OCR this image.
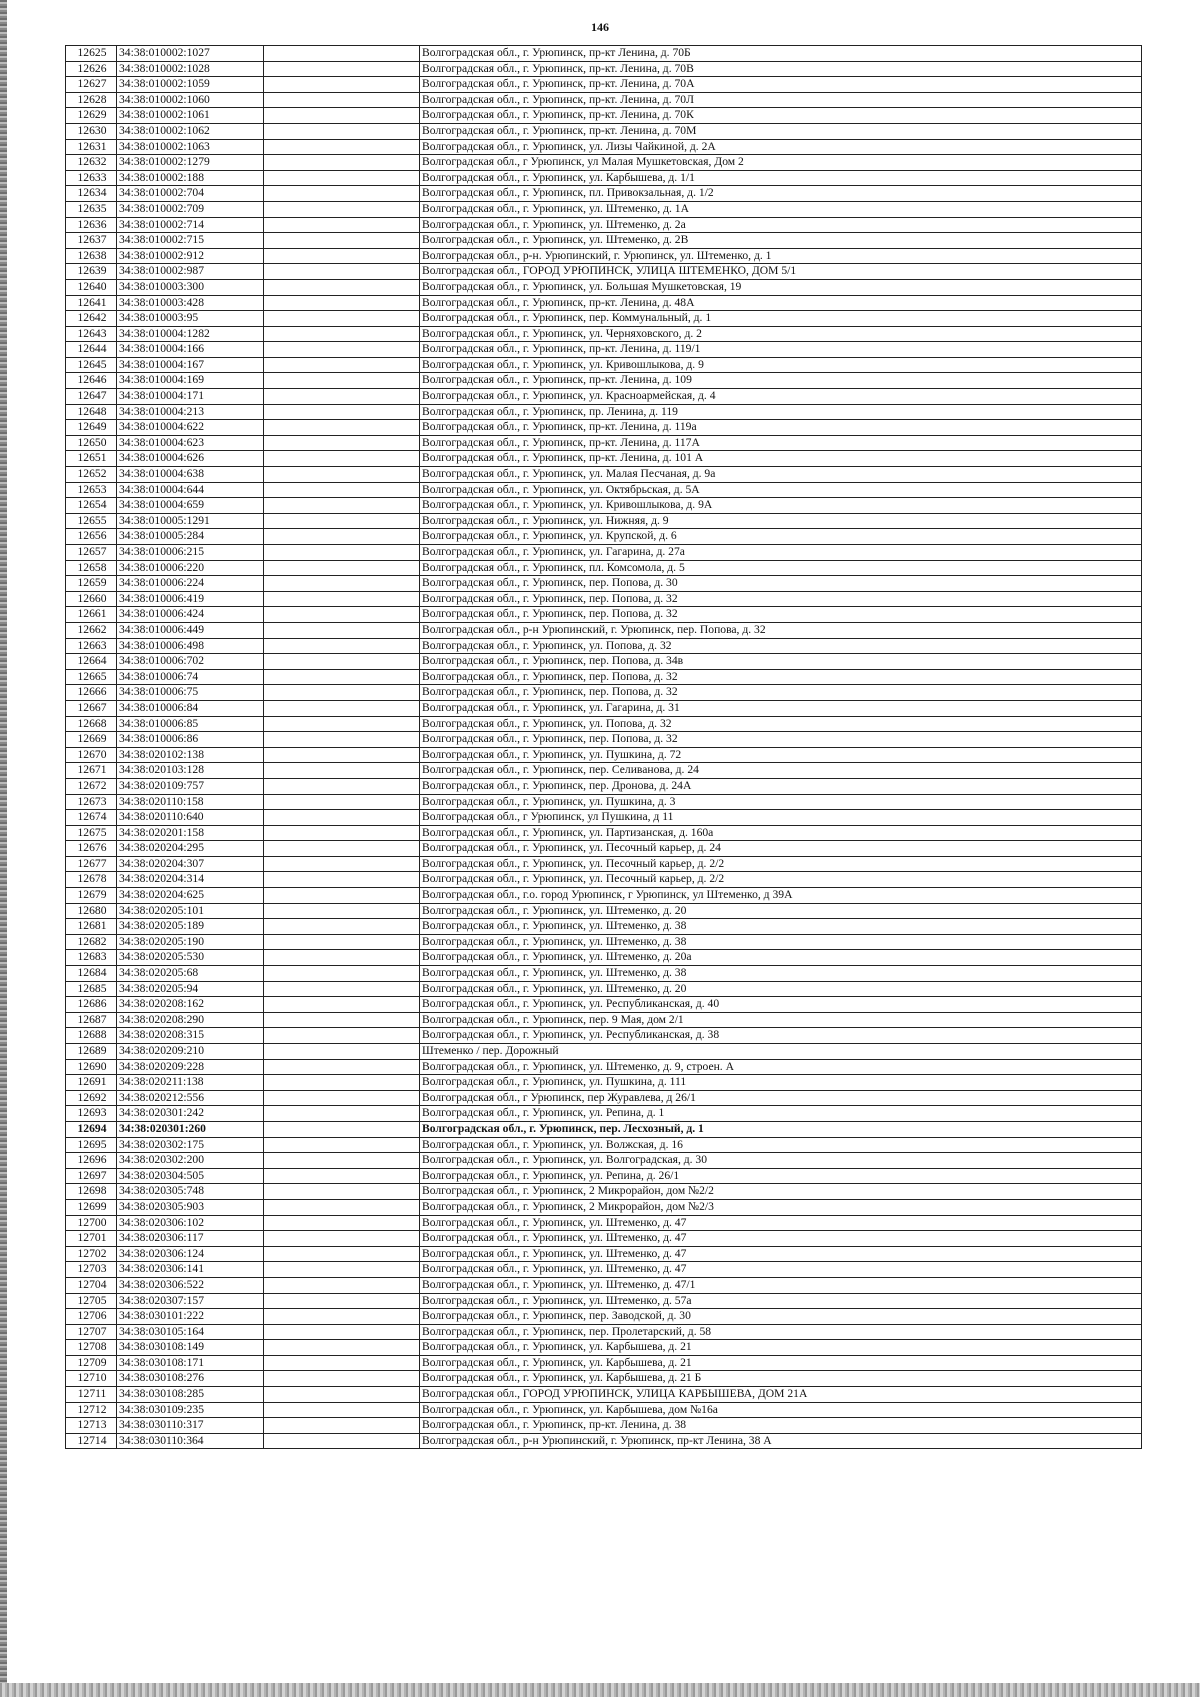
146
12625	34:38:010002:1027		Волгоградская обл., г. Урюпинск, пр-кт Ленина, д. 70Б
12626	34:38:010002:1028		Волгоградская обл., г. Урюпинск, пр-кт. Ленина, д. 70В
12627	34:38:010002:1059		Волгоградская обл., г. Урюпинск, пр-кт. Ленина, д. 70А
12628	34:38:010002:1060		Волгоградская обл., г. Урюпинск, пр-кт. Ленина, д. 70Л
12629	34:38:010002:1061		Волгоградская обл., г. Урюпинск, пр-кт. Ленина, д. 70К
12630	34:38:010002:1062		Волгоградская обл., г. Урюпинск, пр-кт. Ленина, д. 70М
12631	34:38:010002:1063		Волгоградская обл., г. Урюпинск, ул. Лизы Чайкиной, д. 2А
12632	34:38:010002:1279		Волгоградская обл., г Урюпинск, ул Малая Мушкетовская, Дом 2
12633	34:38:010002:188		Волгоградская обл., г. Урюпинск, ул. Карбышева, д. 1/1
12634	34:38:010002:704		Волгоградская обл., г. Урюпинск, пл. Привокзальная, д. 1/2
12635	34:38:010002:709		Волгоградская обл., г. Урюпинск, ул. Штеменко, д. 1А
12636	34:38:010002:714		Волгоградская обл., г. Урюпинск, ул. Штеменко, д. 2а
12637	34:38:010002:715		Волгоградская обл., г. Урюпинск, ул. Штеменко, д. 2В
12638	34:38:010002:912		Волгоградская обл., р-н. Урюпинский, г. Урюпинск, ул. Штеменко, д. 1
12639	34:38:010002:987		Волгоградская обл., ГОРОД УРЮПИНСК, УЛИЦА ШТЕМЕНКО, ДОМ 5/1
12640	34:38:010003:300		Волгоградская обл., г. Урюпинск, ул. Большая Мушкетовская, 19
12641	34:38:010003:428		Волгоградская обл., г. Урюпинск, пр-кт. Ленина, д. 48А
12642	34:38:010003:95		Волгоградская обл., г. Урюпинск, пер. Коммунальный, д. 1
12643	34:38:010004:1282		Волгоградская обл., г. Урюпинск, ул. Черняховского, д. 2
12644	34:38:010004:166		Волгоградская обл., г. Урюпинск, пр-кт. Ленина, д. 119/1
12645	34:38:010004:167		Волгоградская обл., г. Урюпинск, ул. Кривошлыкова, д. 9
12646	34:38:010004:169		Волгоградская обл., г. Урюпинск, пр-кт. Ленина, д. 109
12647	34:38:010004:171		Волгоградская обл., г. Урюпинск, ул. Красноармейская, д. 4
12648	34:38:010004:213		Волгоградская обл., г. Урюпинск, пр. Ленина, д. 119
12649	34:38:010004:622		Волгоградская обл., г. Урюпинск, пр-кт. Ленина, д. 119а
12650	34:38:010004:623		Волгоградская обл., г. Урюпинск, пр-кт. Ленина, д. 117А
12651	34:38:010004:626		Волгоградская обл., г. Урюпинск, пр-кт. Ленина, д. 101 А
12652	34:38:010004:638		Волгоградская обл., г. Урюпинск, ул. Малая Песчаная, д. 9а
12653	34:38:010004:644		Волгоградская обл., г. Урюпинск, ул. Октябрьская, д. 5А
12654	34:38:010004:659		Волгоградская обл., г. Урюпинск, ул. Кривошлыкова, д. 9А
12655	34:38:010005:1291		Волгоградская обл., г. Урюпинск, ул. Нижняя, д. 9
12656	34:38:010005:284		Волгоградская обл., г. Урюпинск, ул. Крупской, д. 6
12657	34:38:010006:215		Волгоградская обл., г. Урюпинск, ул. Гагарина, д. 27а
12658	34:38:010006:220		Волгоградская обл., г. Урюпинск, пл. Комсомола, д. 5
12659	34:38:010006:224		Волгоградская обл., г. Урюпинск, пер. Попова, д. 30
12660	34:38:010006:419		Волгоградская обл., г. Урюпинск, пер. Попова, д. 32
12661	34:38:010006:424		Волгоградская обл., г. Урюпинск, пер. Попова, д. 32
12662	34:38:010006:449		Волгоградская обл., р-н Урюпинский, г. Урюпинск, пер. Попова, д. 32
12663	34:38:010006:498		Волгоградская обл., г. Урюпинск, ул. Попова, д. 32
12664	34:38:010006:702		Волгоградская обл., г. Урюпинск, пер. Попова, д. 34в
12665	34:38:010006:74		Волгоградская обл., г. Урюпинск, пер. Попова, д. 32
12666	34:38:010006:75		Волгоградская обл., г. Урюпинск, пер. Попова, д. 32
12667	34:38:010006:84		Волгоградская обл., г. Урюпинск, ул. Гагарина, д. 31
12668	34:38:010006:85		Волгоградская обл., г. Урюпинск, ул. Попова, д. 32
12669	34:38:010006:86		Волгоградская обл., г. Урюпинск, пер. Попова, д. 32
12670	34:38:020102:138		Волгоградская обл., г. Урюпинск, ул. Пушкина, д. 72
12671	34:38:020103:128		Волгоградская обл., г. Урюпинск, пер. Селиванова, д. 24
12672	34:38:020109:757		Волгоградская обл., г. Урюпинск, пер. Дронова, д. 24А
12673	34:38:020110:158		Волгоградская обл., г. Урюпинск, ул. Пушкина, д. 3
12674	34:38:020110:640		Волгоградская обл., г Урюпинск, ул Пушкина, д 11
12675	34:38:020201:158		Волгоградская обл., г. Урюпинск, ул. Партизанская, д. 160а
12676	34:38:020204:295		Волгоградская обл., г. Урюпинск, ул. Песочный карьер, д. 24
12677	34:38:020204:307		Волгоградская обл., г. Урюпинск, ул. Песочный карьер, д. 2/2
12678	34:38:020204:314		Волгоградская обл., г. Урюпинск, ул. Песочный карьер, д. 2/2
12679	34:38:020204:625		Волгоградская обл., г.о. город Урюпинск, г Урюпинск, ул Штеменко, д 39А
12680	34:38:020205:101		Волгоградская обл., г. Урюпинск, ул. Штеменко, д. 20
12681	34:38:020205:189		Волгоградская обл., г. Урюпинск, ул. Штеменко, д. 38
12682	34:38:020205:190		Волгоградская обл., г. Урюпинск, ул. Штеменко, д. 38
12683	34:38:020205:530		Волгоградская обл., г. Урюпинск, ул. Штеменко, д. 20а
12684	34:38:020205:68		Волгоградская обл., г. Урюпинск, ул. Штеменко, д. 38
12685	34:38:020205:94		Волгоградская обл., г. Урюпинск, ул. Штеменко, д. 20
12686	34:38:020208:162		Волгоградская обл., г. Урюпинск, ул. Республиканская, д. 40
12687	34:38:020208:290		Волгоградская обл., г. Урюпинск, пер. 9 Мая, дом 2/1
12688	34:38:020208:315		Волгоградская обл., г. Урюпинск, ул. Республиканская, д. 38
12689	34:38:020209:210		Штеменко / пер. Дорожный
12690	34:38:020209:228		Волгоградская обл., г. Урюпинск, ул. Штеменко, д. 9, строен. А
12691	34:38:020211:138		Волгоградская обл., г. Урюпинск, ул. Пушкина, д. 111
12692	34:38:020212:556		Волгоградская обл., г Урюпинск, пер Журавлева, д 26/1
12693	34:38:020301:242		Волгоградская обл., г. Урюпинск, ул. Репина, д. 1
12694	34:38:020301:260		Волгоградская обл., г. Урюпинск, пер. Лесхозный, д. 1
12695	34:38:020302:175		Волгоградская обл., г. Урюпинск, ул. Волжская, д. 16
12696	34:38:020302:200		Волгоградская обл., г. Урюпинск, ул. Волгоградская, д. 30
12697	34:38:020304:505		Волгоградская обл., г. Урюпинск, ул. Репина, д. 26/1
12698	34:38:020305:748		Волгоградская обл., г. Урюпинск, 2 Микрорайон, дом №2/2
12699	34:38:020305:903		Волгоградская обл., г. Урюпинск, 2 Микрорайон, дом №2/3
12700	34:38:020306:102		Волгоградская обл., г. Урюпинск, ул. Штеменко, д. 47
12701	34:38:020306:117		Волгоградская обл., г. Урюпинск, ул. Штеменко, д. 47
12702	34:38:020306:124		Волгоградская обл., г. Урюпинск, ул. Штеменко, д. 47
12703	34:38:020306:141		Волгоградская обл., г. Урюпинск, ул. Штеменко, д. 47
12704	34:38:020306:522		Волгоградская обл., г. Урюпинск, ул. Штеменко, д. 47/1
12705	34:38:020307:157		Волгоградская обл., г. Урюпинск, ул. Штеменко, д. 57а
12706	34:38:030101:222		Волгоградская обл., г. Урюпинск, пер. Заводской, д. 30
12707	34:38:030105:164		Волгоградская обл., г. Урюпинск, пер. Пролетарский, д. 58
12708	34:38:030108:149		Волгоградская обл., г. Урюпинск, ул. Карбышева, д. 21
12709	34:38:030108:171		Волгоградская обл., г. Урюпинск, ул. Карбышева, д. 21
12710	34:38:030108:276		Волгоградская обл., г. Урюпинск, ул. Карбышева, д. 21 Б
12711	34:38:030108:285		Волгоградская обл., ГОРОД УРЮПИНСК, УЛИЦА КАРБЫШЕВА, ДОМ 21А
12712	34:38:030109:235		Волгоградская обл., г. Урюпинск, ул. Карбышева, дом №16а
12713	34:38:030110:317		Волгоградская обл., г. Урюпинск, пр-кт. Ленина, д. 38
12714	34:38:030110:364		Волгоградская обл., р-н Урюпинский, г. Урюпинск, пр-кт Ленина, 38 А
